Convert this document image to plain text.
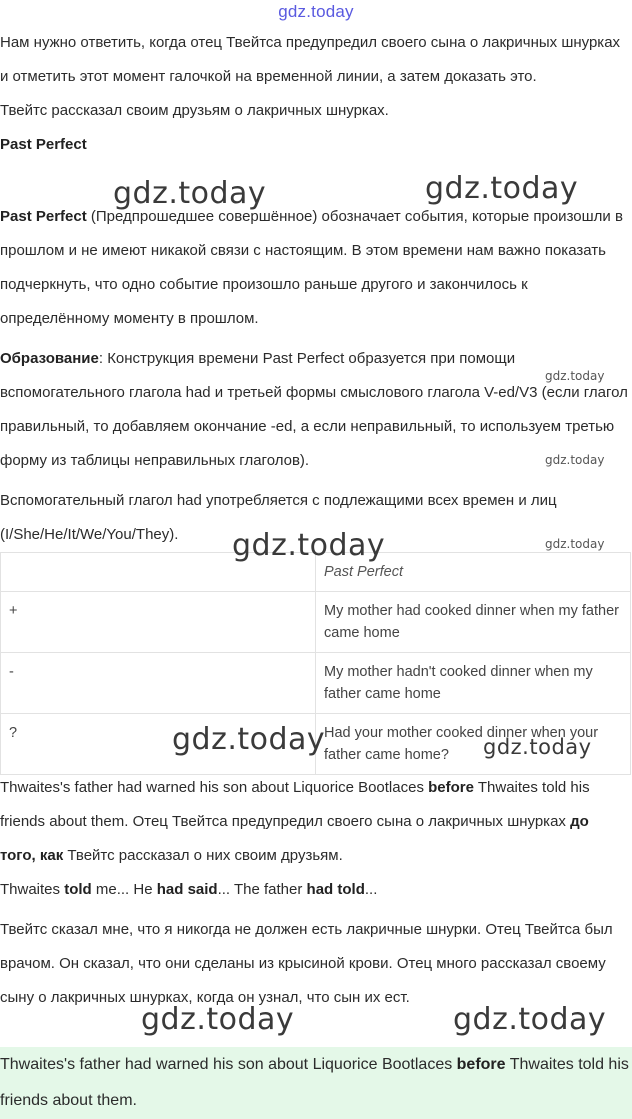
gdz.today

Нам нужно ответить, когда отец Твейтса предупредил своего сына о лакричных шнурках и отметить этот момент галочкой на временной линии, а затем доказать это.

Твейтс рассказал своим друзьям о лакричных шнурках.

Past Perfect

Past Perfect (Предпрошедшее совершённое) обозначает события, которые произошли в прошлом и не имеют никакой связи с настоящим. В этом времени нам важно показать подчеркнуть, что одно событие произошло раньше другого и закончилось к определённому моменту в прошлом.

Образование: Конструкция времени Past Perfect образуется при помощи вспомогательного глагола had и третьей формы смыслового глагола V-ed/V3 (если глагол правильный, то добавляем окончание -ed, а если неправильный, то используем третью форму из таблицы неправильных глаголов).

Вспомогательный глагол had употребляется с подлежащими всех времен и лиц (I/She/He/It/We/You/They).

	Past Perfect
+	My mother had cooked dinner when my father came home
-	My mother hadn't cooked dinner when my father came home
?	Had your mother cooked dinner when your father came home?

Thwaites's father had warned his son about Liquorice Bootlaces before Thwaites told his friends about them. Отец Твейтса предупредил своего сына о лакричных шнурках до того, как Твейтс рассказал о них своим друзьям.

Thwaites told me... He had said... The father had told...

Твейтс сказал мне, что я никогда не должен есть лакричные шнурки. Отец Твейтса был врачом. Он сказал, что они сделаны из крысиной крови. Отец много рассказал своему сыну о лакричных шнурках, когда он узнал, что сын их ест.

Thwaites's father had warned his son about Liquorice Bootlaces before Thwaites told his friends about them.

gdz.today	gdz.today
gdz.today
gdz.today
gdz.today	gdz.today
gdz.today
gdz.today
gdz.today
gdz.today
